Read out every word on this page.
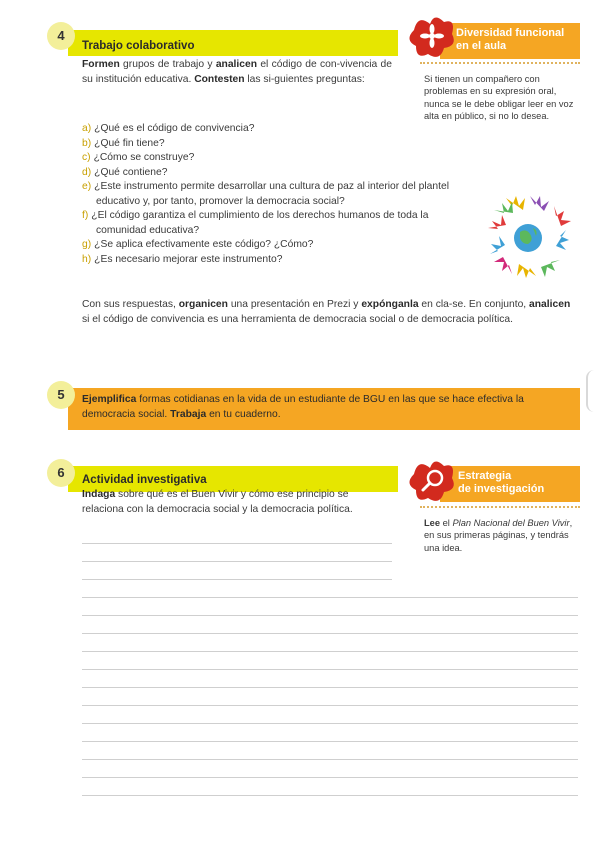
4
Trabajo colaborativo
Formen grupos de trabajo y analicen el código de con-vivencia de su institución educativa. Contesten las si-guientes preguntas:
a) ¿Qué es el código de convivencia?
b) ¿Qué fin tiene?
c) ¿Cómo se construye?
d) ¿Qué contiene?
e) ¿Este instrumento permite desarrollar una cultura de paz al interior del plantel educativo y, por tanto, promover la democracia social?
f) ¿El código garantiza el cumplimiento de los derechos humanos de toda la comunidad educativa?
g) ¿Se aplica efectivamente este código? ¿Cómo?
h) ¿Es necesario mejorar este instrumento?
Con sus respuestas, organicen una presentación en Prezi y expónganla en cla-se. En conjunto, analicen si el código de convivencia es una herramienta de democracia social o de democracia política.
Diversidad funcional
en el aula
Si tienen un compañero con problemas en su expresión oral, nunca se le debe obligar leer en voz alta en público, si no lo desea.
5	Ejemplifica formas cotidianas en la vida de un estudiante de BGU en las que se hace efectiva la democracia social. Trabaja en tu cuaderno.
6	Actividad investigativa
Indaga sobre qué es el Buen Vivir y cómo ese principio se relaciona con la democracia social y la democracia política.
Estrategia
de investigación
Lee el Plan Nacional del Buen Vivir, en sus primeras páginas, y tendrás una idea.
